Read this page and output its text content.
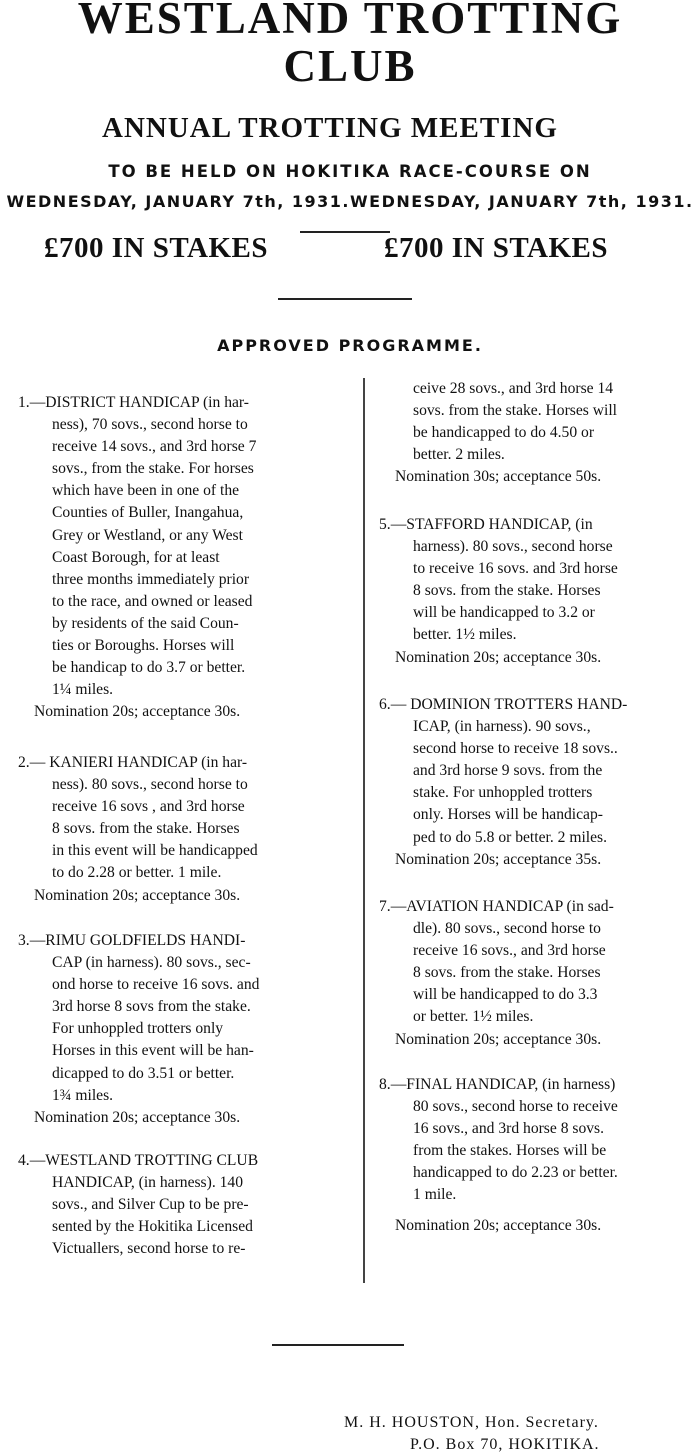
WESTLAND TROTTING
CLUB
ANNUAL TROTTING MEETING
TO BE HELD ON HOKITIKA RACE-COURSE ON
WEDNESDAY, JANUARY 7th, 1931.WEDNESDAY, JANUARY 7th, 1931.
£700 IN STAKES	£700 IN STAKES
APPROVED PROGRAMME.
1.—DISTRICT HANDICAP (in har-
ness), 70 sovs., second horse to
receive 14 sovs., and 3rd horse 7
sovs., from the stake. For horses
which have been in one of the
Counties of Buller, Inangahua,
Grey or Westland, or any West
Coast Borough, for at least
three months immediately prior
to the race, and owned or leased
by residents of the said Coun-
ties or Boroughs. Horses will
be handicap to do 3.7 or better.
1¼ miles.
Nomination 20s; acceptance 30s.
2.— KANIERI HANDICAP (in har-
ness). 80 sovs., second horse to
receive 16 sovs , and 3rd horse
8 sovs. from the stake. Horses
in this event will be handicapped
to do 2.28 or better. 1 mile.
Nomination 20s; acceptance 30s.
3.—RIMU GOLDFIELDS HANDI-
CAP (in harness). 80 sovs., sec-
ond horse to receive 16 sovs. and
3rd horse 8 sovs from the stake.
For unhoppled trotters only
Horses in this event will be han-
dicapped to do 3.51 or better.
1¾ miles.
Nomination 20s; acceptance 30s.
4.—WESTLAND TROTTING CLUB
HANDICAP, (in harness). 140
sovs., and Silver Cup to be pre-
sented by the Hokitika Licensed
Victuallers, second horse to re-
ceive 28 sovs., and 3rd horse 14
sovs. from the stake. Horses will
be handicapped to do 4.50 or
better. 2 miles.
Nomination 30s; acceptance 50s.
5.—STAFFORD HANDICAP, (in
harness). 80 sovs., second horse
to receive 16 sovs. and 3rd horse
8 sovs. from the stake. Horses
will be handicapped to 3.2 or
better. 1½ miles.
Nomination 20s; acceptance 30s.
6.— DOMINION TROTTERS HAND-
ICAP, (in harness). 90 sovs.,
second horse to receive 18 sovs..
and 3rd horse 9 sovs. from the
stake. For unhoppled trotters
only. Horses will be handicap-
ped to do 5.8 or better. 2 miles.
Nomination 20s; acceptance 35s.
7.—AVIATION HANDICAP (in sad-
dle). 80 sovs., second horse to
receive 16 sovs., and 3rd horse
8 sovs. from the stake. Horses
will be handicapped to do 3.3
or better. 1½ miles.
Nomination 20s; acceptance 30s.
8.—FINAL HANDICAP, (in harness)
80 sovs., second horse to receive
16 sovs., and 3rd horse 8 sovs.
from the stakes. Horses will be
handicapped to do 2.23 or better.
1 mile.
Nomination 20s; acceptance 30s.
M. H. HOUSTON, Hon. Secretary.
P.O. Box 70, HOKITIKA.
